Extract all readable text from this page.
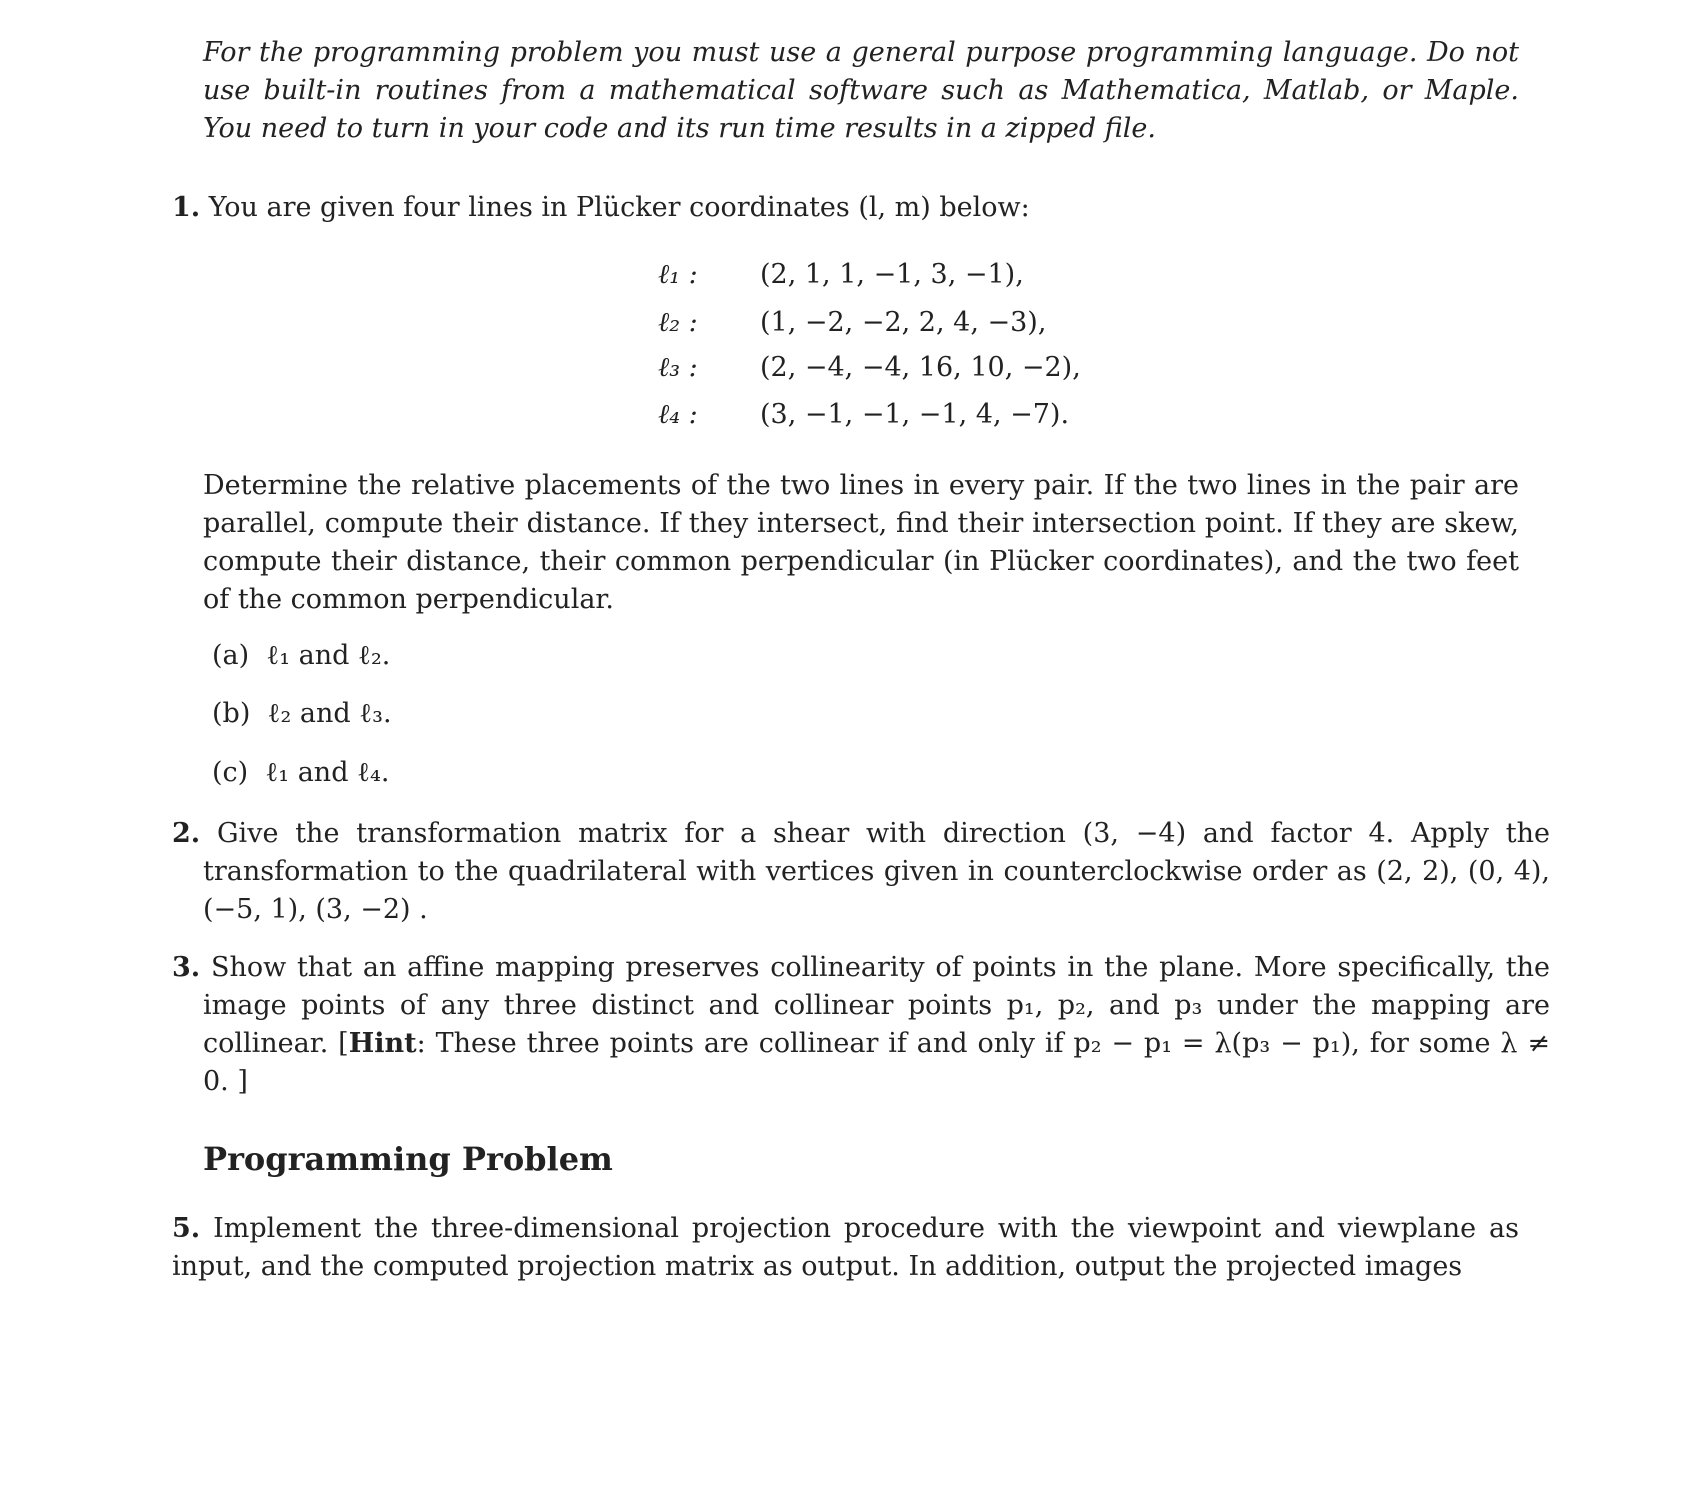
For the programming problem you must use a general purpose programming language. Do not use built-in routines from a mathematical software such as Mathematica, Matlab, or Maple. You need to turn in your code and its run time results in a zipped file.
1. You are given four lines in Plücker coordinates (l, m) below:
ℓ₁ : (2, 1, 1, −1, 3, −1),
ℓ₂ : (1, −2, −2, 2, 4, −3),
ℓ₃ : (2, −4, −4, 16, 10, −2),
ℓ₄ : (3, −1, −1, −1, 4, −7).
Determine the relative placements of the two lines in every pair. If the two lines in the pair are parallel, compute their distance. If they intersect, find their intersection point. If they are skew, compute their distance, their common perpendicular (in Plücker coordinates), and the two feet of the common perpendicular.
(a) ℓ₁ and ℓ₂.
(b) ℓ₂ and ℓ₃.
(c) ℓ₁ and ℓ₄.
2. Give the transformation matrix for a shear with direction (3, −4) and factor 4. Apply the transformation to the quadrilateral with vertices given in counterclockwise order as (2, 2), (0, 4), (−5, 1), (3, −2) .
3. Show that an affine mapping preserves collinearity of points in the plane. More specifically, the image points of any three distinct and collinear points p₁, p₂, and p₃ under the mapping are collinear. [Hint: These three points are collinear if and only if p₂ − p₁ = λ(p₃ − p₁), for some λ ≠ 0. ]
Programming Problem
5. Implement the three-dimensional projection procedure with the viewpoint and viewplane as input, and the computed projection matrix as output. In addition, output the projected images
